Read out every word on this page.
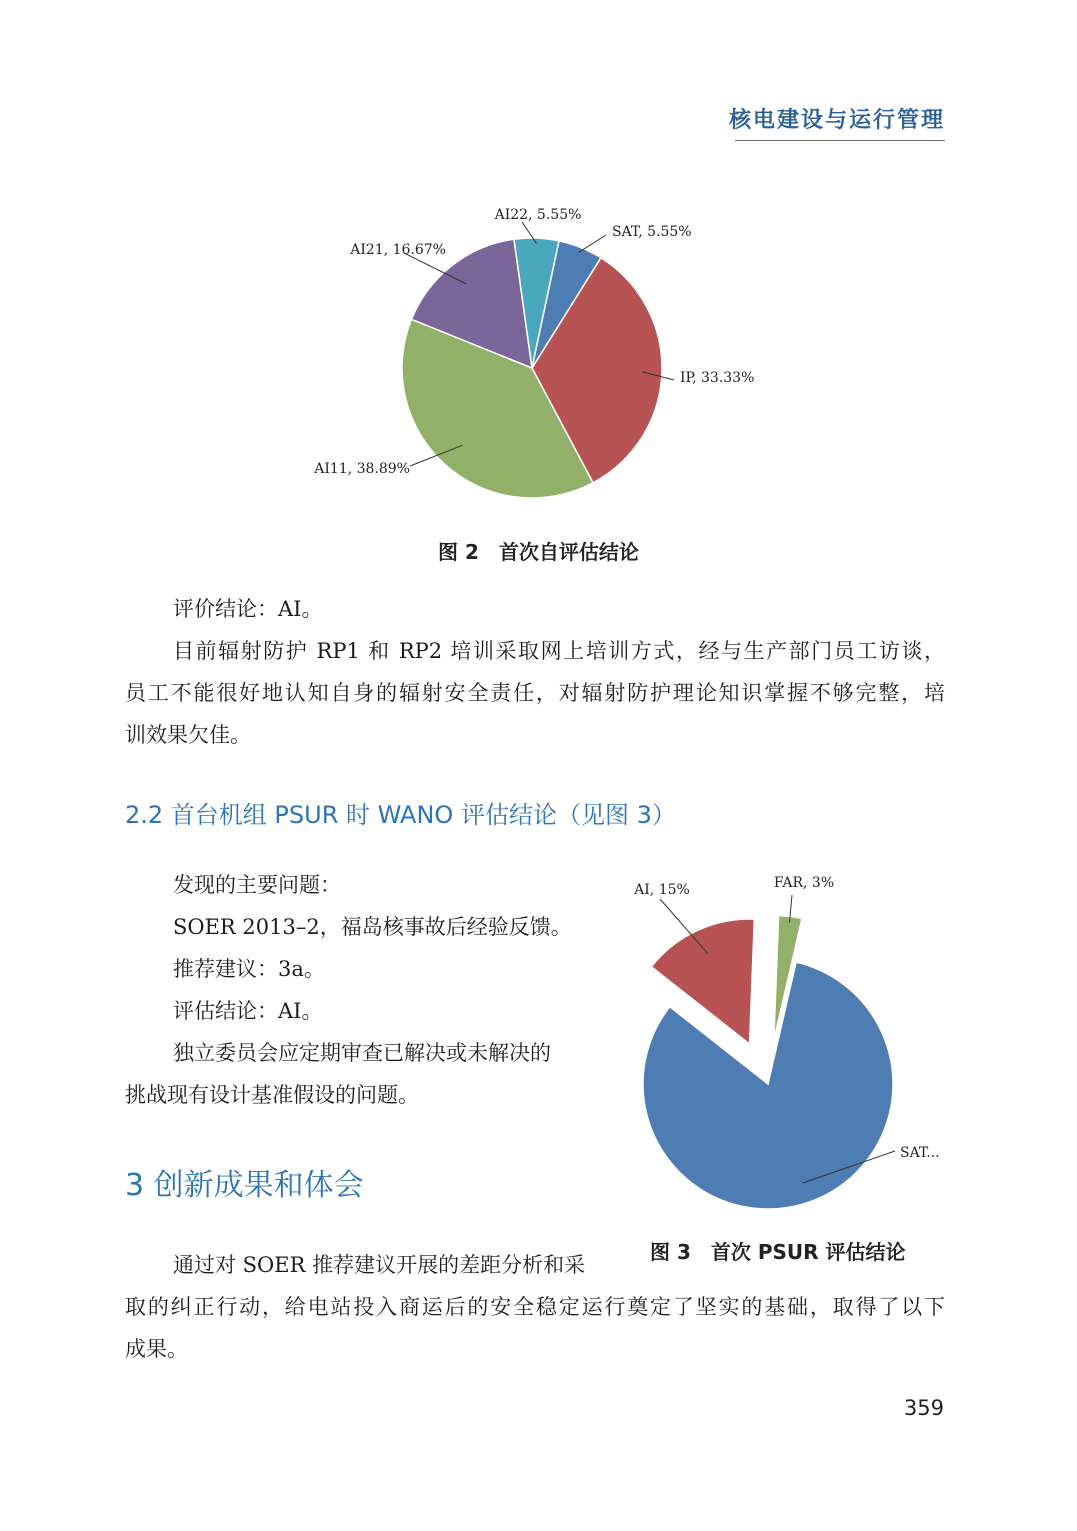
核电建设与运行管理
IP, 33.33%
AI11, 38.89%
AI21, 16.67%
AI22, 5.55%
SAT, 5.55%
图 2　首次自评估结论
评价结论：AI。
目前辐射防护 RP1 和 RP2 培训采取网上培训方式，经与生产部门员工访谈，
员工不能很好地认知自身的辐射安全责任，对辐射防护理论知识掌握不够完整，培
训效果欠佳。
2.2 首台机组 PSUR 时 WANO 评估结论（见图 3）
发现的主要问题：
SOER 2013–2，福岛核事故后经验反馈。
推荐建议：3a。
评估结论：AI。
独立委员会应定期审查已解决或未解决的
挑战现有设计基准假设的问题。
SAT...
AI, 15%	FAR, 3%
图 3　首次 PSUR 评估结论
3 创新成果和体会
通过对 SOER 推荐建议开展的差距分析和采
取的纠正行动，给电站投入商运后的安全稳定运行奠定了坚实的基础，取得了以下
成果。
359
